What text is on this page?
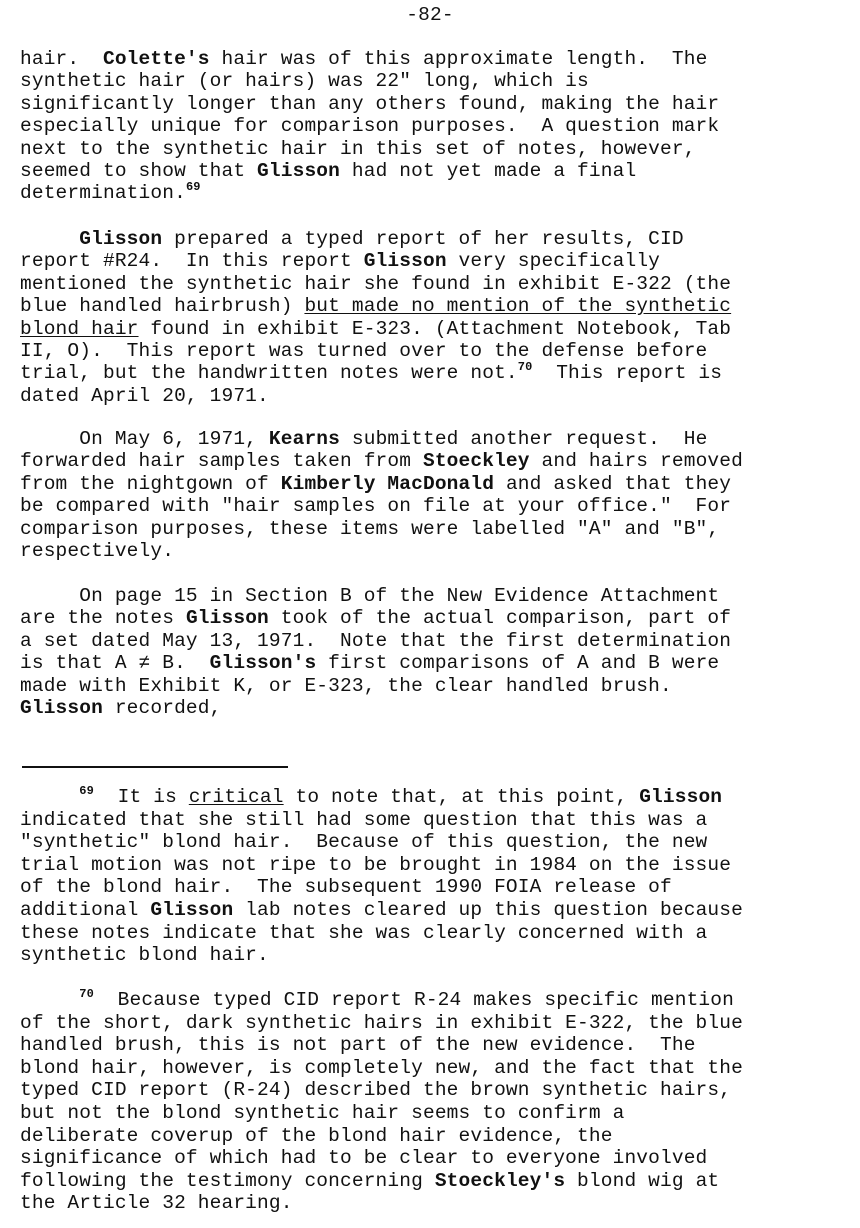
-82-
hair.  Colette's hair was of this approximate length.  The
synthetic hair (or hairs) was 22" long, which is
significantly longer than any others found, making the hair
especially unique for comparison purposes.  A question mark
next to the synthetic hair in this set of notes, however,
seemed to show that Glisson had not yet made a final
determination.$^{69}$
Glisson prepared a typed report of her results, CID
report #R24.  In this report Glisson very specifically
mentioned the synthetic hair she found in exhibit E-322 (the
blue handled hairbrush) but made no mention of the synthetic
blond hair found in exhibit E-323. (Attachment Notebook, Tab
II, O).  This report was turned over to the defense before
trial, but the handwritten notes were not.$^{70}$  This report is
dated April 20, 1971.
On May 6, 1971, Kearns submitted another request.  He
forwarded hair samples taken from Stoeckley and hairs removed
from the nightgown of Kimberly MacDonald and asked that they
be compared with "hair samples on file at your office."  For
comparison purposes, these items were labelled "A" and "B",
respectively.
On page 15 in Section B of the New Evidence Attachment
are the notes Glisson took of the actual comparison, part of
a set dated May 13, 1971.  Note that the first determination
is that A ≠ B.  Glisson's first comparisons of A and B were
made with Exhibit K, or E-323, the clear handled brush.
Glisson recorded,
$^{69}$  It is critical to note that, at this point, Glisson
indicated that she still had some question that this was a
"synthetic" blond hair.  Because of this question, the new
trial motion was not ripe to be brought in 1984 on the issue
of the blond hair.  The subsequent 1990 FOIA release of
additional Glisson lab notes cleared up this question because
these notes indicate that she was clearly concerned with a
synthetic blond hair.
$^{70}$  Because typed CID report R-24 makes specific mention
of the short, dark synthetic hairs in exhibit E-322, the blue
handled brush, this is not part of the new evidence.  The
blond hair, however, is completely new, and the fact that the
typed CID report (R-24) described the brown synthetic hairs,
but not the blond synthetic hair seems to confirm a
deliberate coverup of the blond hair evidence, the
significance of which had to be clear to everyone involved
following the testimony concerning Stoeckley's blond wig at
the Article 32 hearing.
